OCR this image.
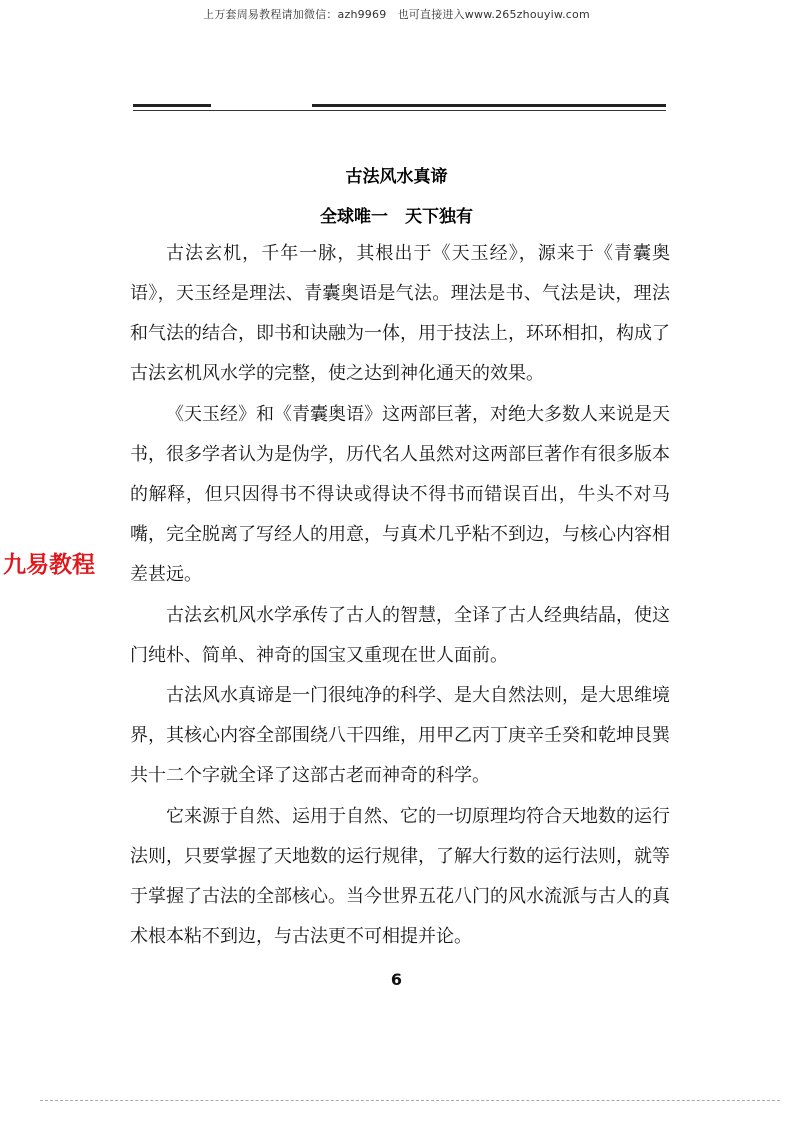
上万套周易教程请加微信：azh9969　也可直接进入www.265zhouyiw.com
古法风水真谛
全球唯一　天下独有

古法玄机，千年一脉，其根出于《天玉经》，源来于《青囊奥语》，天玉经是理法、青囊奥语是气法。理法是书、气法是诀，理法和气法的结合，即书和诀融为一体，用于技法上，环环相扣，构成了古法玄机风水学的完整，使之达到神化通天的效果。

《天玉经》和《青囊奥语》这两部巨著，对绝大多数人来说是天书，很多学者认为是伪学，历代名人虽然对这两部巨著作有很多版本的解释，但只因得书不得诀或得诀不得书而错误百出，牛头不对马嘴，完全脱离了写经人的用意，与真术几乎粘不到边，与核心内容相差甚远。

古法玄机风水学承传了古人的智慧，全译了古人经典结晶，使这门纯朴、简单、神奇的国宝又重现在世人面前。

古法风水真谛是一门很纯净的科学、是大自然法则，是大思维境界，其核心内容全部围绕八干四维，用甲乙丙丁庚辛壬癸和乾坤艮巽共十二个字就全译了这部古老而神奇的科学。

它来源于自然、运用于自然、它的一切原理均符合天地数的运行法则，只要掌握了天地数的运行规律，了解大行数的运行法则，就等于掌握了古法的全部核心。当今世界五花八门的风水流派与古人的真术根本粘不到边，与古法更不可相提并论。

九易教程
6
